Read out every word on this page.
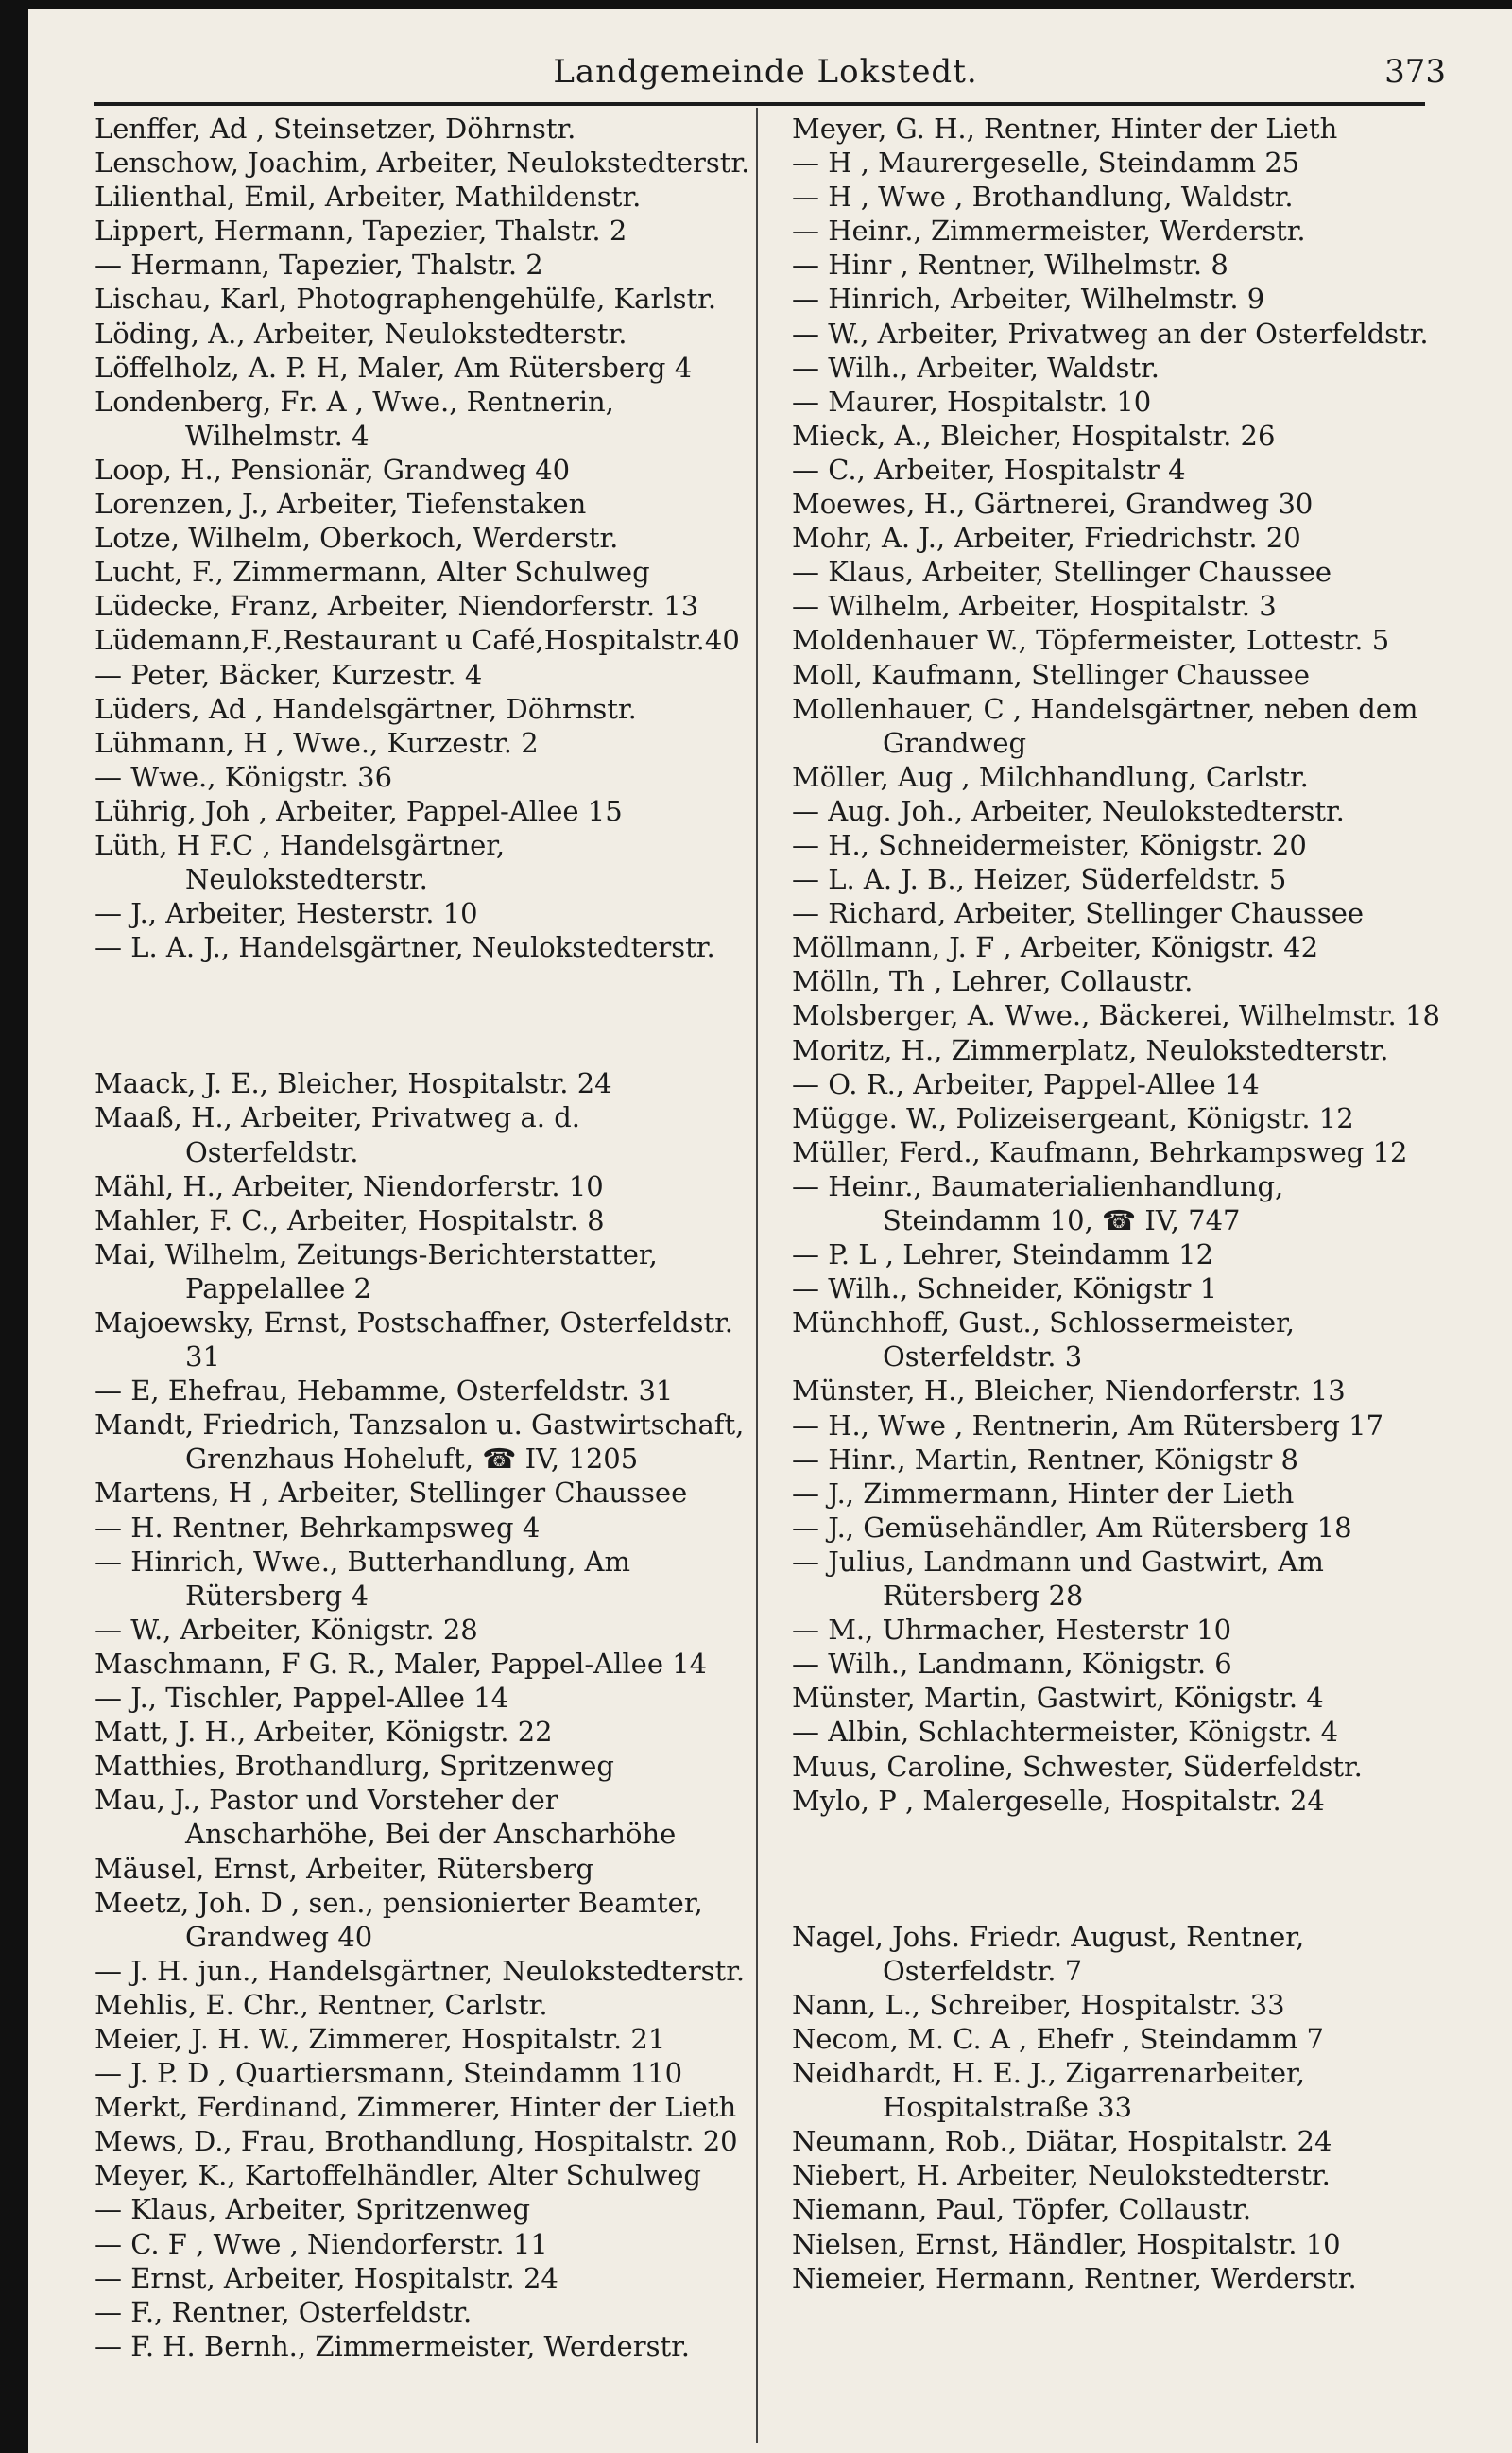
Landgemeinde Lokstedt.	373
Lenffer, Ad , Steinsetzer, Döhrnstr.
Lenschow, Joachim, Arbeiter, Neulokstedterstr.
Lilienthal, Emil, Arbeiter, Mathildenstr.
Lippert, Hermann, Tapezier, Thalstr. 2
— Hermann, Tapezier, Thalstr. 2
Lischau, Karl, Photographengehülfe, Karlstr.
Löding, A., Arbeiter, Neulokstedterstr.
Löffelholz, A. P. H, Maler, Am Rütersberg 4
Londenberg, Fr. A , Wwe., Rentnerin, Wilhelmstr. 4
Loop, H., Pensionär, Grandweg 40
Lorenzen, J., Arbeiter, Tiefenstaken
Lotze, Wilhelm, Oberkoch, Werderstr.
Lucht, F., Zimmermann, Alter Schulweg
Lüdecke, Franz, Arbeiter, Niendorferstr. 13
Lüdemann,F.,Restaurant u Café,Hospitalstr.40
— Peter, Bäcker, Kurzestr. 4
Lüders, Ad , Handelsgärtner, Döhrnstr.
Lühmann, H , Wwe., Kurzestr. 2
— Wwe., Königstr. 36
Lührig, Joh , Arbeiter, Pappel-Allee 15
Lüth, H F.C , Handelsgärtner, Neulokstedterstr.
— J., Arbeiter, Hesterstr. 10
— L. A. J., Handelsgärtner, Neulokstedterstr.
Maack, J. E., Bleicher, Hospitalstr. 24
Maaß, H., Arbeiter, Privatweg a. d. Osterfeldstr.
Mähl, H., Arbeiter, Niendorferstr. 10
Mahler, F. C., Arbeiter, Hospitalstr. 8
Mai, Wilhelm, Zeitungs-Berichterstatter, Pappelallee 2
Majoewsky, Ernst, Postschaffner, Osterfeldstr. 31
— E, Ehefrau, Hebamme, Osterfeldstr. 31
Mandt, Friedrich, Tanzsalon u. Gastwirtschaft, Grenzhaus Hoheluft, ☎ IV, 1205
Martens, H , Arbeiter, Stellinger Chaussee
— H. Rentner, Behrkampsweg 4
— Hinrich, Wwe., Butterhandlung, Am Rütersberg 4
— W., Arbeiter, Königstr. 28
Maschmann, F G. R., Maler, Pappel-Allee 14
— J., Tischler, Pappel-Allee 14
Matt, J. H., Arbeiter, Königstr. 22
Matthies, Brothandlurg, Spritzenweg
Mau, J., Pastor und Vorsteher der Anscharhöhe, Bei der Anscharhöhe
Mäusel, Ernst, Arbeiter, Rütersberg
Meetz, Joh. D , sen., pensionierter Beamter, Grandweg 40
— J. H. jun., Handelsgärtner, Neulokstedterstr.
Mehlis, E. Chr., Rentner, Carlstr.
Meier, J. H. W., Zimmerer, Hospitalstr. 21
— J. P. D , Quartiersmann, Steindamm 110
Merkt, Ferdinand, Zimmerer, Hinter der Lieth
Mews, D., Frau, Brothandlung, Hospitalstr. 20
Meyer, K., Kartoffelhändler, Alter Schulweg
— Klaus, Arbeiter, Spritzenweg
— C. F , Wwe , Niendorferstr. 11
— Ernst, Arbeiter, Hospitalstr. 24
— F., Rentner, Osterfeldstr.
— F. H. Bernh., Zimmermeister, Werderstr.
Meyer, G. H., Rentner, Hinter der Lieth
— H , Maurergeselle, Steindamm 25
— H , Wwe , Brothandlung, Waldstr.
— Heinr., Zimmermeister, Werderstr.
— Hinr , Rentner, Wilhelmstr. 8
— Hinrich, Arbeiter, Wilhelmstr. 9
— W., Arbeiter, Privatweg an der Osterfeldstr.
— Wilh., Arbeiter, Waldstr.
— Maurer, Hospitalstr. 10
Mieck, A., Bleicher, Hospitalstr. 26
— C., Arbeiter, Hospitalstr 4
Moewes, H., Gärtnerei, Grandweg 30
Mohr, A. J., Arbeiter, Friedrichstr. 20
— Klaus, Arbeiter, Stellinger Chaussee
— Wilhelm, Arbeiter, Hospitalstr. 3
Moldenhauer W., Töpfermeister, Lottestr. 5
Moll, Kaufmann, Stellinger Chaussee
Mollenhauer, C , Handelsgärtner, neben dem Grandweg
Möller, Aug , Milchhandlung, Carlstr.
— Aug. Joh., Arbeiter, Neulokstedterstr.
— H., Schneidermeister, Königstr. 20
— L. A. J. B., Heizer, Süderfeldstr. 5
— Richard, Arbeiter, Stellinger Chaussee
Möllmann, J. F , Arbeiter, Königstr. 42
Mölln, Th , Lehrer, Collaustr.
Molsberger, A. Wwe., Bäckerei, Wilhelmstr. 18
Moritz, H., Zimmerplatz, Neulokstedterstr.
— O. R., Arbeiter, Pappel-Allee 14
Mügge. W., Polizeisergeant, Königstr. 12
Müller, Ferd., Kaufmann, Behrkampsweg 12
— Heinr., Baumaterialienhandlung, Steindamm 10, ☎ IV, 747
— P. L , Lehrer, Steindamm 12
— Wilh., Schneider, Königstr 1
Münchhoff, Gust., Schlossermeister, Osterfeldstr. 3
Münster, H., Bleicher, Niendorferstr. 13
— H., Wwe , Rentnerin, Am Rütersberg 17
— Hinr., Martin, Rentner, Königstr 8
— J., Zimmermann, Hinter der Lieth
— J., Gemüsehändler, Am Rütersberg 18
— Julius, Landmann und Gastwirt, Am Rütersberg 28
— M., Uhrmacher, Hesterstr 10
— Wilh., Landmann, Königstr. 6
Münster, Martin, Gastwirt, Königstr. 4
— Albin, Schlachtermeister, Königstr. 4
Muus, Caroline, Schwester, Süderfeldstr.
Mylo, P , Malergeselle, Hospitalstr. 24
Nagel, Johs. Friedr. August, Rentner, Osterfeldstr. 7
Nann, L., Schreiber, Hospitalstr. 33
Necom, M. C. A , Ehefr , Steindamm 7
Neidhardt, H. E. J., Zigarrenarbeiter, Hospitalstraße 33
Neumann, Rob., Diätar, Hospitalstr. 24
Niebert, H. Arbeiter, Neulokstedterstr.
Niemann, Paul, Töpfer, Collaustr.
Nielsen, Ernst, Händler, Hospitalstr. 10
Niemeier, Hermann, Rentner, Werderstr.
